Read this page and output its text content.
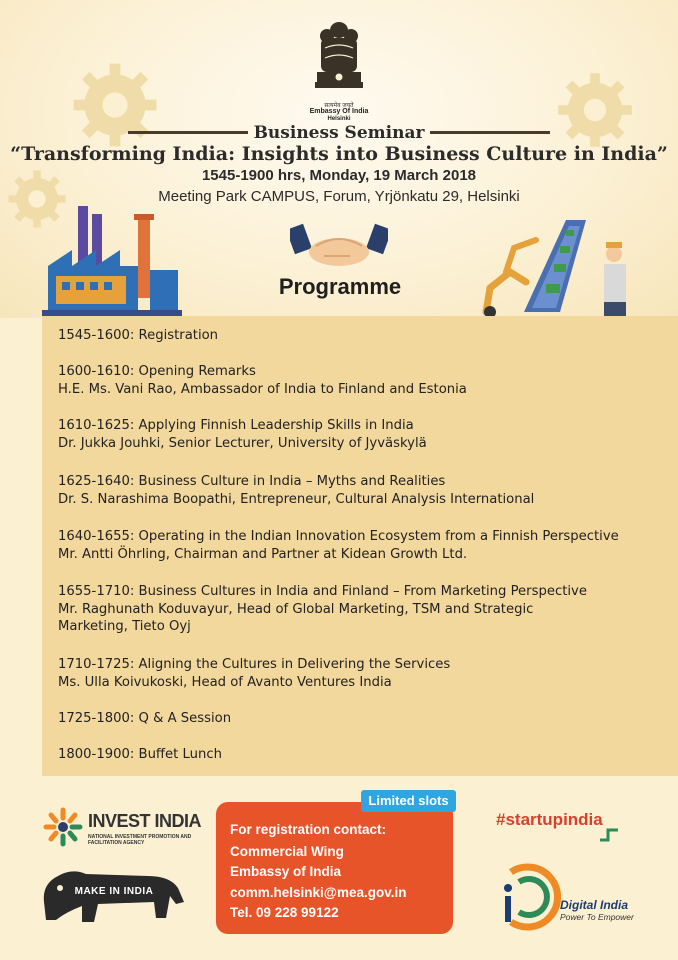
सत्यमेव जयते
Embassy Of India
Helsinki
Business Seminar
“Transforming India: Insights into Business Culture in India”
1545-1900 hrs, Monday, 19 March 2018
Meeting Park CAMPUS, Forum, Yrjönkatu 29, Helsinki
Programme
1545-1600: Registration
1600-1610: Opening Remarks
H.E. Ms. Vani Rao, Ambassador of India to Finland and Estonia
1610-1625: Applying Finnish Leadership Skills in India
Dr. Jukka Jouhki, Senior Lecturer, University of Jyväskylä
1625-1640: Business Culture in India – Myths and Realities
Dr. S. Narashima Boopathi, Entrepreneur, Cultural Analysis International
1640-1655: Operating in the Indian Innovation Ecosystem from a Finnish Perspective
Mr. Antti Öhrling, Chairman and Partner at Kidean Growth Ltd.
1655-1710: Business Cultures in India and Finland – From Marketing Perspective
Mr. Raghunath Koduvayur, Head of Global Marketing, TSM and Strategic
Marketing, Tieto Oyj
1710-1725: Aligning the Cultures in Delivering the Services
Ms. Ulla Koivukoski, Head of Avanto Ventures India
1725-1800: Q & A Session
1800-1900: Buffet Lunch
INVEST INDIA
NATIONAL INVESTMENT PROMOTION AND FACILITATION AGENCY
MAKE IN INDIA
Limited slots
For registration contact:
Commercial Wing
Embassy of India
comm.helsinki@mea.gov.in
Tel. 09 228 99122
#startupindia
Digital India
Power To Empower
